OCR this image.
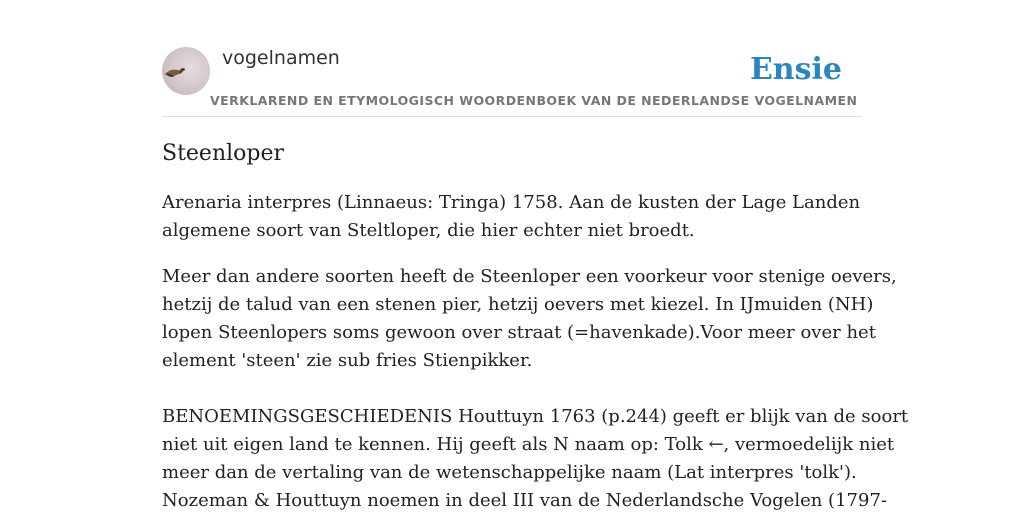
vogelnamen
VERKLAREND EN ETYMOLOGISCH WOORDENBOEK VAN DE NEDERLANDSE VOGELNAMEN
Ensie
Steenloper

Arenaria interpres (Linnaeus: Tringa) 1758. Aan de kusten der Lage Landen
algemene soort van Steltloper, die hier echter niet broedt.

Meer dan andere soorten heeft de Steenloper een voorkeur voor stenige oevers,
hetzij de talud van een stenen pier, hetzij oevers met kiezel. In IJmuiden (NH)
lopen Steenlopers soms gewoon over straat (=havenkade).Voor meer over het
element 'steen' zie sub fries Stienpikker.

BENOEMINGSGESCHIEDENIS Houttuyn 1763 (p.244) geeft er blijk van de soort
niet uit eigen land te kennen. Hij geeft als N naam op: Tolk ←, vermoedelijk niet
meer dan de vertaling van de wetenschappelijke naam (Lat interpres 'tolk').
Nozeman & Houttuyn noemen in deel III van de Nederlandsche Vogelen (1797-
